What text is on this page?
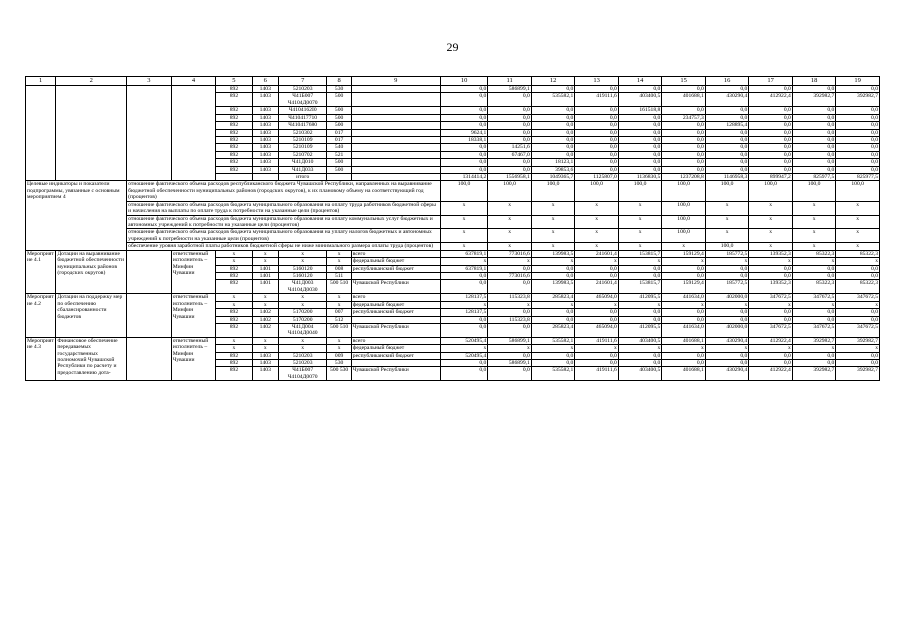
29
1	2	3	4	5	6	7	8	9	10	11	12	13	14	15	16	17	18	19
				892	1403	5210203	530		0,0	586899,1	0,0	0,0	0,0	0,0	0,0	0,0	0,0	0,0
				892	1403	Ч41Б007 Ч4104Д0070	500		0,0	0,0	535582,1	419111,6	403400,5	401688,1	430290,4	412922,4	392982,7	392982,7
				892	1403	Ч4104162I0	500		0,0	0,0	0,0	0,0	161518,8	0,0	0,0	0,0	0,0	0,0
				892	1403	Ч410417710	500		0,0	0,0	0,0	0,0	0,0	234757,3	0,0	0,0	0,0	0,0
				892	1403	Ч410417680	500		0,0	0,0	0,0	0,0	0,0	0,0	128895,4	0,0	0,0	0,0
				892	1403	5210302	017		9624,1	0,0	0,0	0,0	0,0	0,0	0,0	0,0	0,0	0,0
				892	1403	5210109	017		18338,1	0,0	0,0	0,0	0,0	0,0	0,0	0,0	0,0	0,0
				892	1403	5210109	540		0,0	14251,6	0,0	0,0	0,0	0,0	0,0	0,0	0,0	0,0
				892	1403	5210702	521		0,0	67467,0	0,0	0,0	0,0	0,0	0,0	0,0	0,0	0,0
				892	1403	Ч41Д010	500		0,0	0,0	18123,1	0,0	0,0	0,0	0,0	0,0	0,0	0,0
				892	1403	Ч41Д033	500		0,0	0,0	39853,6	0,0	0,0	0,0	0,0	0,0	0,0	0,0
						итого			1314414,2	1556958,1	1049365,7	1125807,0	1136830,5	1237208,8	1146958,3	899947,2	825977,5	825977,5
Целевые индикаторы и показатели подпрограммы, увязанные с основным мероприятием 4		отношение фактического объема расходов республиканского бюджета Чувашской Республики, направленных на выравнивание бюджетной обеспеченности муниципальных районов (городских округов), к их плановому объему на соответствующий год (процентов)							100,0	100,0	100,0	100,0	100,0	100,0	100,0	100,0	100,0	100,0
		отношение фактического объема расходов бюджета муниципального образования на оплату труда работников бюджетной сферы и начисления на выплаты по оплате труда к потребности на указанные цели (процентов)							x	x	x	x	x	100,0	x	x	x	x
		отношение фактического объема расходов бюджета муниципального образования на оплату коммунальных услуг бюджетных и автономных учреждений к потребности на указанные цели (процентов)							x	x	x	x	x	100,0	x	x	x	x
		отношение фактического объема расходов бюджета муниципального образования на уплату налогов бюджетных и автономных учреждений к потребности на указанные цели (процентов)							x	x	x	x	x	100,0	x	x	x	x
		обеспечение уровня заработной платы работников бюджетной сферы не ниже минимального размера оплаты труда (процентов)							x	x	x	x	x	x	100,0	x	x	x
Мероприятие 4.1	Дотации на выравнивание бюджетной обеспеченности муниципальных районов (городских округов)		ответственный исполнитель – Минфин Чувашии	x	x	x	x	всего	637819,1	773016,6	139983,5	241601,4	153815,7	159129,4	185772,5	139352,3	85322,3	85322,3
				x	x	x	x	федеральный бюджет	x	x	x	x	x	x	x	x	x	x
				892	1401	5160120	008	республиканский бюджет	637819,1	0,0	0,0	0,0	0,0	0,0	0,0	0,0	0,0	0,0
				892	1401	5160120	511		0,0	773016,6	0,0	0,0	0,0	0,0	0,0	0,0	0,0	0,0
				892	1401	Ч41Д003 Ч4104Д0030	500 510	Чувашской Республики	0,0	0,0	139983,5	241601,4	153815,7	159129,4	185772,5	139352,3	85322,3	85322,3
Мероприятие 4.2	Дотации на поддержку мер по обеспечению сбалансированности бюджетов		ответственный исполнитель – Минфин Чувашии	x	x	x	x	всего	128137,5	115323,8	285823,4	465094,0	412095,5	441634,0	402000,0	347672,5	347672,5	347672,5
				x	x	x	x	федеральный бюджет	x	x	x	x	x	x	x	x	x	x
				892	1402	5170200	007	республиканский бюджет	128137,5	0,0	0,0	0,0	0,0	0,0	0,0	0,0	0,0	0,0
				892	1402	5170200	512		0,0	115323,8	0,0	0,0	0,0	0,0	0,0	0,0	0,0	0,0
				892	1402	Ч41Д004 Ч4104Д0040	500 510	Чувашской Республики	0,0	0,0	285823,4	465094,0	412095,5	441634,0	402000,0	347672,5	347672,5	347672,5
Мероприятие 4.3	Финансовое обеспечение передаваемых государственных полномочий Чувашской Республики по расчету и предоставлению дота-		ответственный исполнитель – Минфин Чувашии	x	x	x	x	всего	520495,4	586899,1	535582,1	419111,6	403400,5	401688,1	430290,4	412922,4	392982,7	392982,7
				x	x	x	x	федеральный бюджет	x	x	x	x	x	x	x	x	x	x
				892	1403	5210203	009	республиканский бюджет	520495,4	0,0	0,0	0,0	0,0	0,0	0,0	0,0	0,0	0,0
				892	1403	5210203	530		0,0	586899,1	0,0	0,0	0,0	0,0	0,0	0,0	0,0	0,0
				892	1403	Ч41Б007 Ч4104Д0070	500 530	Чувашской Республики	0,0	0,0	535582,1	419111,6	403400,5	401688,1	430290,4	412922,4	392982,7	392982,7
